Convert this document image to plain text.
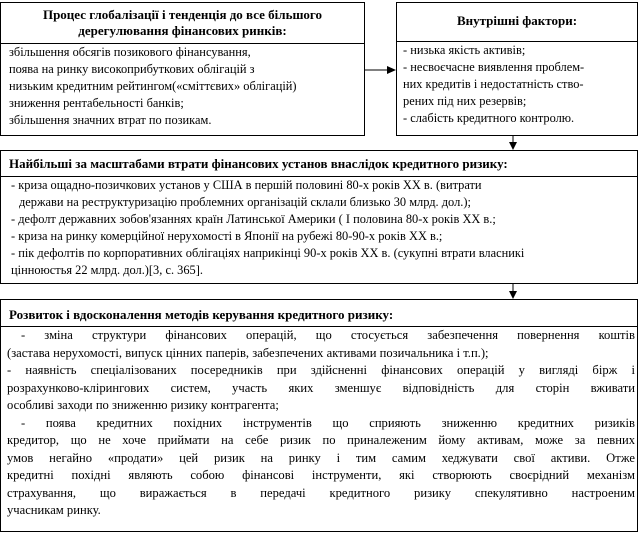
Процес глобалізації і тенденція до все більшого
дерегулювання фінансових ринків:
збільшення обсягів позикового фінансування,
поява на ринку високоприбуткових облігацій з
низьким кредитним рейтингом(«сміттєвих» облігацій)
зниження рентабельності банків;
збільшення значних втрат по позикам.
Внутрішні фактори:
- низька якість активів;
- несвоєчасне виявлення проблем-
них кредитів і недостатність ство-
рених під них резервів;
- слабість кредитного контролю.
Найбільші за масштабами втрати фінансових установ внаслідок кредитного ризику:
- криза ощадно-позичкових установ у США в першій половині 80-х років XX в. (витрати
держави на реструктуризацію проблемних організацій склали близько 30 млрд. дол.);
- дефолт державних зобов'язаннях країн Латинської Америки ( І половина 80-х років XX в.;
- криза на ринку комерційної нерухомості в Японії на рубежі 80-90-х років XX в.;
- пік дефолтів по корпоративних облігаціях наприкінці 90-х років XX в. (сукупні втрати власникі
цінноюстья 22 млрд. дол.)[3, с. 365].
Розвиток і вдосконалення методів керування кредитного ризику:
- зміна структури фінансових операцій, що стосується забезпечення повернення коштів
(застава нерухомості, випуск цінних паперів, забезпечених активами позичальника і т.п.);
- наявність спеціалізованих посередників при здійсненні фінансових операцій у вигляді бірж і
розрахунково-клірингових систем, участь яких зменшує відповідність для сторін вживати
особливі заходи по зниженню ризику контрагента;
- поява кредитних похідних інструментів що сприяють зниженню кредитних ризиків
кредитор, що не хоче приймати на себе ризик по приналеженим йому активам, може за певних
умов негайно «продати» цей ризик на ринку і тим самим хеджувати свої активи. Отже
кредитні похідні являють собою фінансові інструменти, які створюють своєрідний механізм
страхування, що виражається в передачі кредитного ризику спекулятивно настроеним
учасникам ринку.
